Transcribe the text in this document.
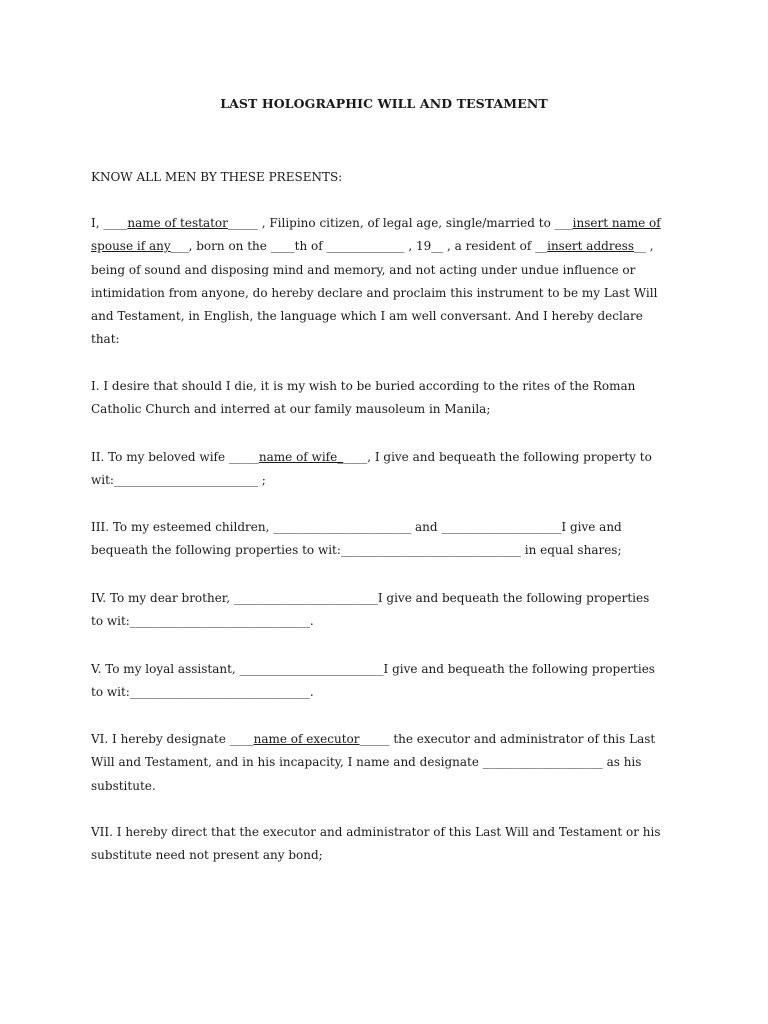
LAST HOLOGRAPHIC WILL AND TESTAMENT
KNOW ALL MEN BY THESE PRESENTS:
I, ____name of testator_____ , Filipino citizen, of legal age, single/married to ___insert name of
spouse if any___, born on the ____th of _____________ , 19__ , a resident of __insert address__ ,
being of sound and disposing mind and memory, and not acting under undue influence or
intimidation from anyone, do hereby declare and proclaim this instrument to be my Last Will
and Testament, in English, the language which I am well conversant. And I hereby declare
that:
I. I desire that should I die, it is my wish to be buried according to the rites of the Roman
Catholic Church and interred at our family mausoleum in Manila;
II. To my beloved wife _____name of wife_____, I give and bequeath the following property to
wit:________________________ ;
III. To my esteemed children, _______________________ and ____________________I give and
bequeath the following properties to wit:______________________________ in equal shares;
IV. To my dear brother, ________________________I give and bequeath the following properties
to wit:______________________________.
V. To my loyal assistant, ________________________I give and bequeath the following properties
to wit:______________________________.
VI. I hereby designate ____name of executor_____ the executor and administrator of this Last
Will and Testament, and in his incapacity, I name and designate ____________________ as his
substitute.
VII. I hereby direct that the executor and administrator of this Last Will and Testament or his
substitute need not present any bond;
